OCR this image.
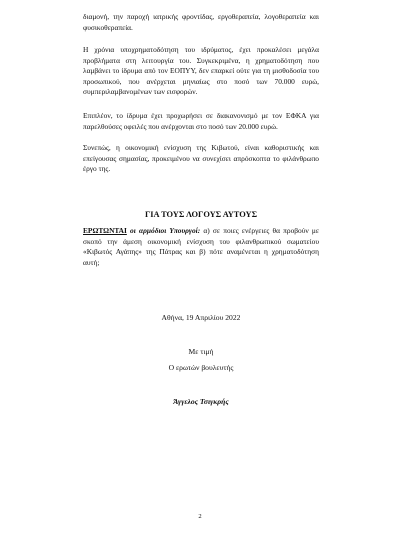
διαμονή, την παροχή ιατρικής φροντίδας, εργοθεραπεία, λογοθεραπεία και φυσικοθεραπεία.

Η χρόνια υποχρηματοδότηση του ιδρύματος, έχει προκαλέσει μεγάλα προβλήματα στη λειτουργία του. Συγκεκριμένα, η χρηματοδότηση που λαμβάνει το ίδρυμα από τον ΕΟΠΥΥ, δεν επαρκεί ούτε για τη μισθοδοσία του προσωπικού, που ανέρχεται μηνιαίως στο ποσό των 70.000 ευρώ, συμπεριλαμβανομένων των εισφορών.

Επιπλέον, το ίδρυμα έχει προχωρήσει σε διακανονισμό με τον ΕΦΚΑ για παρελθούσες οφειλές που ανέρχονται στο ποσό των 20.000 ευρώ.

Συνεπώς, η οικονομική ενίσχυση της Κιβωτού, είναι καθοριστικής και επείγουσας σημασίας, προκειμένου να συνεχίσει απρόσκοπτα το φιλάνθρωπο έργο της.

ΓΙΑ ΤΟΥΣ ΛΟΓΟΥΣ ΑΥΤΟΥΣ

ΕΡΩΤΩΝΤΑΙ οι αρμόδιοι Υπουργοί: α) σε ποιες ενέργειες θα προβούν με σκοπό την άμεση οικονομική ενίσχυση του φιλανθρωπικού σωματείου «Κιβωτός Αγάπης» της Πάτρας και β) πότε αναμένεται η χρηματοδότηση αυτή;

Αθήνα, 19 Απριλίου 2022

Με τιμή

Ο ερωτών βουλευτής

Άγγελος Τσιγκρής

2
